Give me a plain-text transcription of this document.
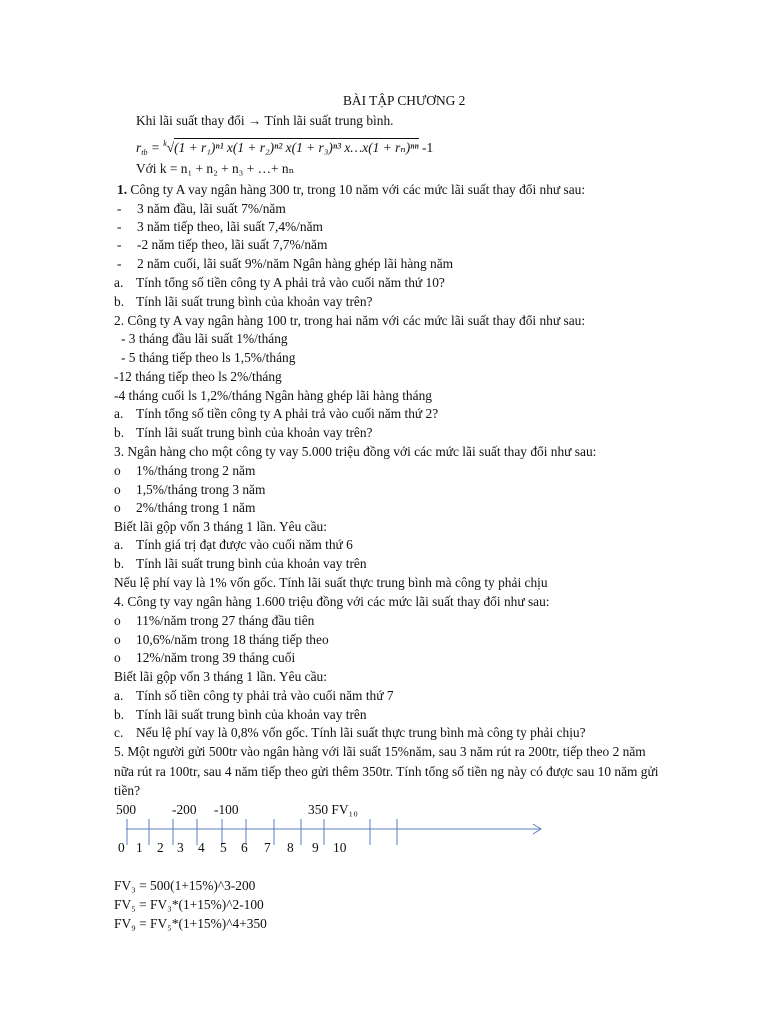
BÀI TẬP CHƯƠNG 2
Khi lãi suất thay đổi → Tính lãi suất trung bình.
$r_{tb} = ^k√(1 + r_1)^{n1}$ x(1 + r₂)ⁿ² x(1 + r₃)ⁿ³ x…x(1 + rₙ)ⁿⁿ -1
Với k = n₁ + n₂ + n₃ + …+ nₙ
1. Công ty A vay ngân hàng 300 tr, trong 10 năm với các mức lãi suất thay đổi như sau:
- 3 năm đầu, lãi suất 7%/năm
- 3 năm tiếp theo, lãi suất 7,4%/năm
- -2 năm tiếp theo, lãi suất 7,7%/năm
- 2 năm cuối, lãi suất 9%/năm Ngân hàng ghép lãi hàng năm
a. Tính tổng số tiền công ty A phải trả vào cuối năm thứ 10?
b. Tính lãi suất trung bình của khoản vay trên?
2. Công ty A vay ngân hàng 100 tr, trong hai năm với các mức lãi suất thay đổi như sau:
- 3 tháng đầu lãi suất 1%/tháng
- 5 tháng tiếp theo ls 1,5%/tháng
-12 tháng tiếp theo ls 2%/tháng
-4 tháng cuối ls 1,2%/tháng Ngân hàng ghép lãi hàng tháng
a. Tính tổng số tiền công ty A phải trả vào cuối năm thứ 2?
b. Tính lãi suất trung bình của khoản vay trên?
3. Ngân hàng cho một công ty vay 5.000 triệu đồng với các mức lãi suất thay đổi như sau:
o 1%/tháng trong 2 năm
o 1,5%/tháng trong 3 năm
o 2%/tháng trong 1 năm
Biết lãi gộp vốn 3 tháng 1 lần. Yêu cầu:
a. Tính giá trị đạt được vào cuối năm thứ 6
b. Tính lãi suất trung bình của khoản vay trên
Nếu lệ phí vay là 1% vốn gốc. Tính lãi suất thực trung bình mà công ty phải chịu
4. Công ty vay ngân hàng 1.600 triệu đồng với các mức lãi suất thay đổi như sau:
o 11%/năm trong 27 tháng đầu tiên
o 10,6%/năm trong 18 tháng tiếp theo
o 12%/năm trong 39 tháng cuối
Biết lãi gộp vốn 3 tháng 1 lần. Yêu cầu:
a. Tính số tiền công ty phải trả vào cuối năm thứ 7
b. Tính lãi suất trung bình của khoản vay trên
c. Nếu lệ phí vay là 0,8% vốn gốc. Tính lãi suất thực trung bình mà công ty phải chịu?
5. Một người gửi 500tr vào ngân hàng với lãi suất 15%năm, sau 3 năm rút ra 200tr, tiếp theo 2 năm
nữa rút ra 100tr, sau 4 năm tiếp theo gửi thêm 350tr. Tính tổng số tiền ng này có được sau 10 năm gửi
tiền?
500	-200 -100	350 FV₁₀
0 1 2 3 4 5 6 7 8 9 10
FV₃ = 500(1+15%)^3-200
FV₅ = FV₃*(1+15%)^2-100
FV₉ = FV₅*(1+15%)^4+350
